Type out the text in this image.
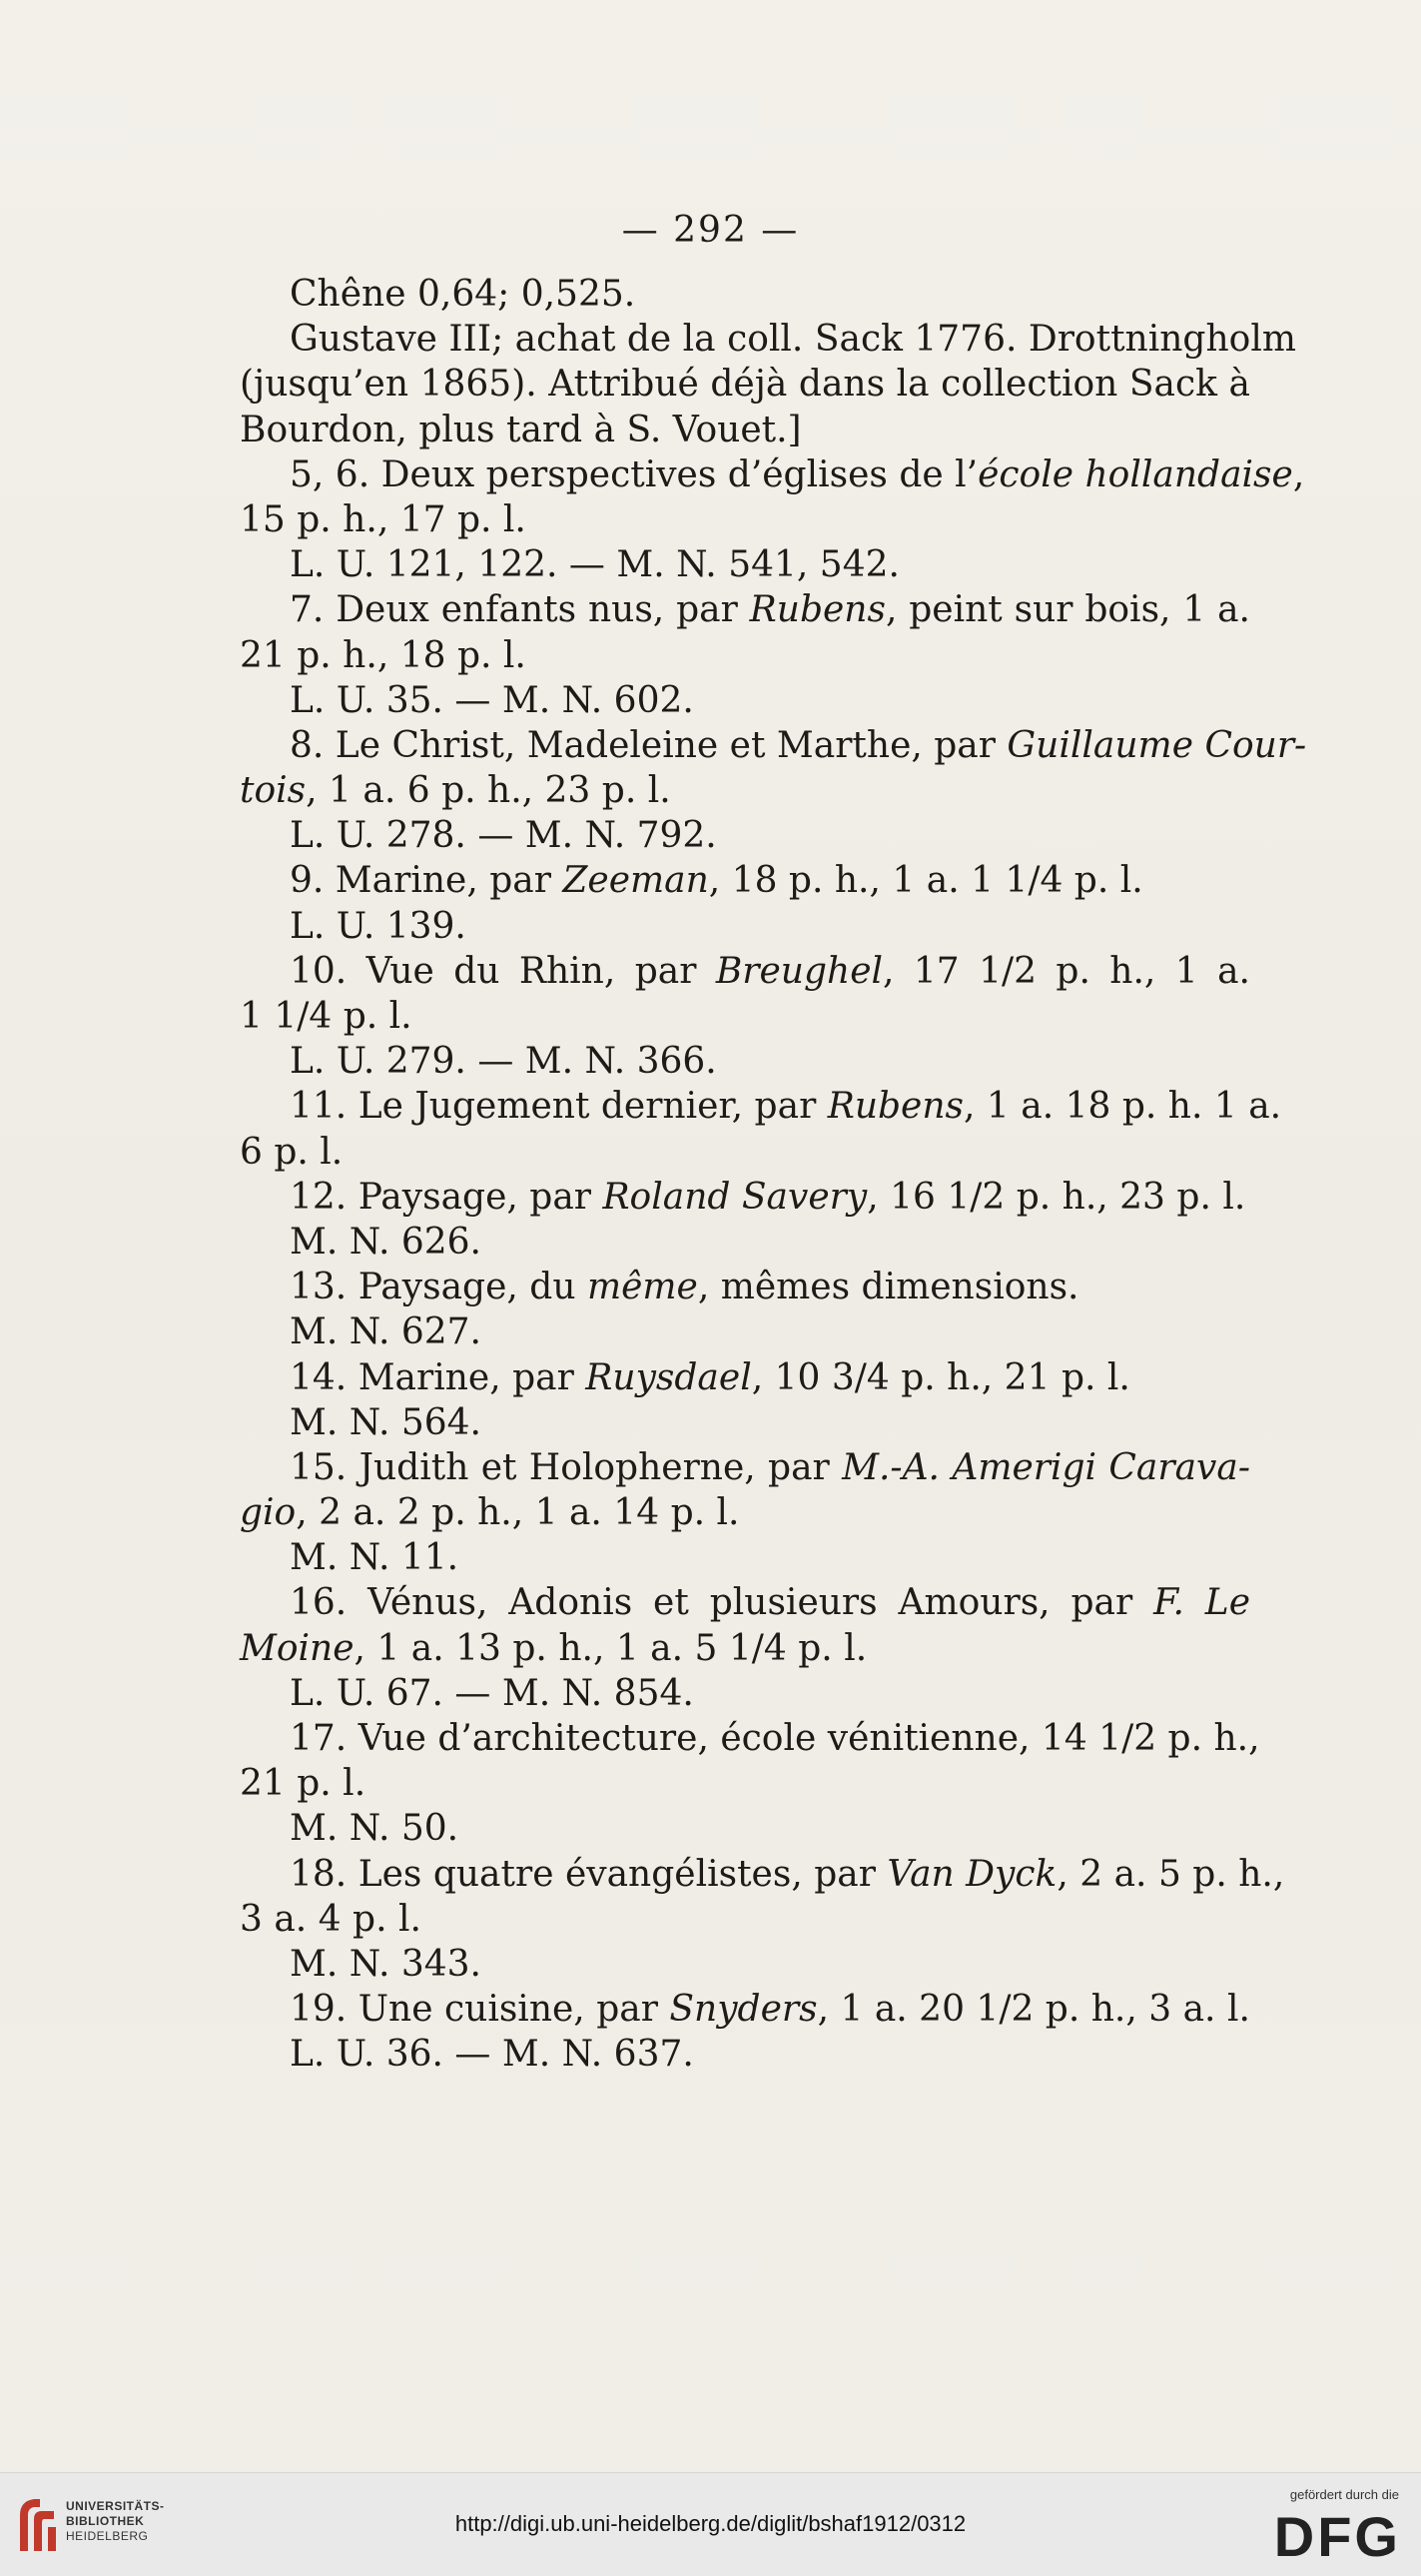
— 292 —
Chêne 0,64; 0,525.
Gustave III; achat de la coll. Sack 1776. Drottningholm
(jusqu’en 1865). Attribué déjà dans la collection Sack à
Bourdon, plus tard à S. Vouet.]
5, 6. Deux perspectives d’églises de l’école hollandaise,
15 p. h., 17 p. l.
L. U. 121, 122. — M. N. 541, 542.
7. Deux enfants nus, par Rubens, peint sur bois, 1 a.
21 p. h., 18 p. l.
L. U. 35. — M. N. 602.
8. Le Christ, Madeleine et Marthe, par Guillaume Cour-
tois, 1 a. 6 p. h., 23 p. l.
L. U. 278. — M. N. 792.
9. Marine, par Zeeman, 18 p. h., 1 a. 1 1/4 p. l.
L. U. 139.
10. Vue du Rhin, par Breughel, 17 1/2 p. h., 1 a.
1 1/4 p. l.
L. U. 279. — M. N. 366.
11. Le Jugement dernier, par Rubens, 1 a. 18 p. h. 1 a.
6 p. l.
12. Paysage, par Roland Savery, 16 1/2 p. h., 23 p. l.
M. N. 626.
13. Paysage, du même, mêmes dimensions.
M. N. 627.
14. Marine, par Ruysdael, 10 3/4 p. h., 21 p. l.
M. N. 564.
15. Judith et Holopherne, par M.-A. Amerigi Carava-
gio, 2 a. 2 p. h., 1 a. 14 p. l.
M. N. 11.
16. Vénus, Adonis et plusieurs Amours, par F. Le
Moine, 1 a. 13 p. h., 1 a. 5 1/4 p. l.
L. U. 67. — M. N. 854.
17. Vue d’architecture, école vénitienne, 14 1/2 p. h.,
21 p. l.
M. N. 50.
18. Les quatre évangélistes, par Van Dyck, 2 a. 5 p. h.,
3 a. 4 p. l.
M. N. 343.
19. Une cuisine, par Snyders, 1 a. 20 1/2 p. h., 3 a. l.
L. U. 36. — M. N. 637.
UNIVERSITÄTS-
BIBLIOTHEK
HEIDELBERG	http://digi.ub.uni-heidelberg.de/diglit/bshaf1912/0312
gefördert durch die
DFG
